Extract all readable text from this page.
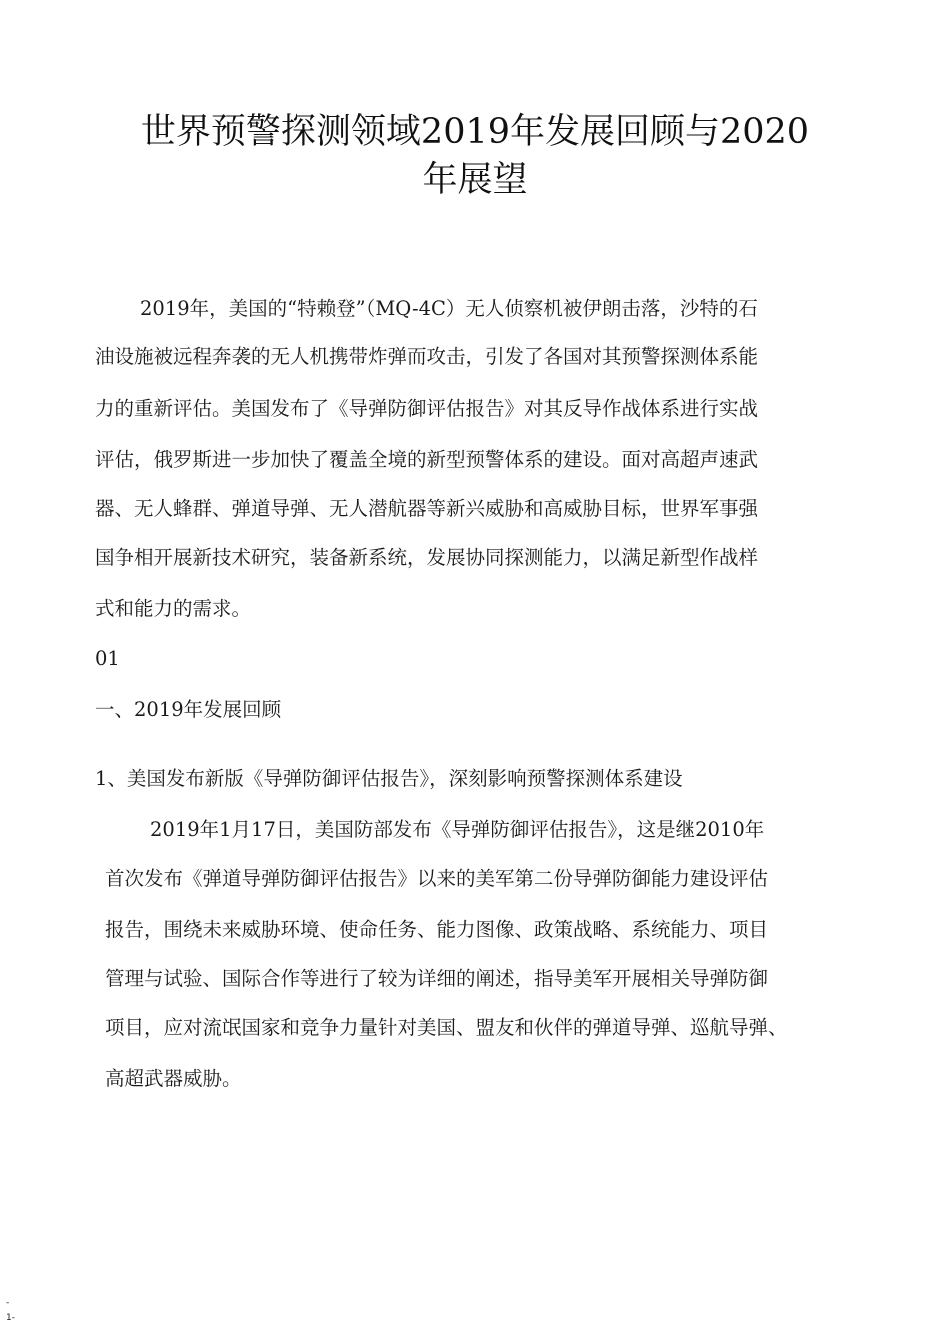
世界预警探测领域2019年发展回顾与2020
年展望
2019年，美国的“特赖登”（MQ-4C）无人侦察机被伊朗击落，沙特的石
油设施被远程奔袭的无人机携带炸弹而攻击，引发了各国对其预警探测体系能
力的重新评估。美国发布了《导弹防御评估报告》对其反导作战体系进行实战
评估，俄罗斯进一步加快了覆盖全境的新型预警体系的建设。面对高超声速武
器、无人蜂群、弹道导弹、无人潜航器等新兴威胁和高威胁目标，世界军事强
国争相开展新技术研究，装备新系统，发展协同探测能力，以满足新型作战样
式和能力的需求。
01
一、2019年发展回顾
1、美国发布新版《导弹防御评估报告》，深刻影响预警探测体系建设
2019年1月17日，美国防部发布《导弹防御评估报告》，这是继2010年
首次发布《弹道导弹防御评估报告》以来的美军第二份导弹防御能力建设评估
报告，围绕未来威胁环境、使命任务、能力图像、政策战略、系统能力、项目
管理与试验、国际合作等进行了较为详细的阐述，指导美军开展相关导弹防御
项目，应对流氓国家和竞争力量针对美国、盟友和伙伴的弹道导弹、巡航导弹、
高超武器威胁。
-
1-
